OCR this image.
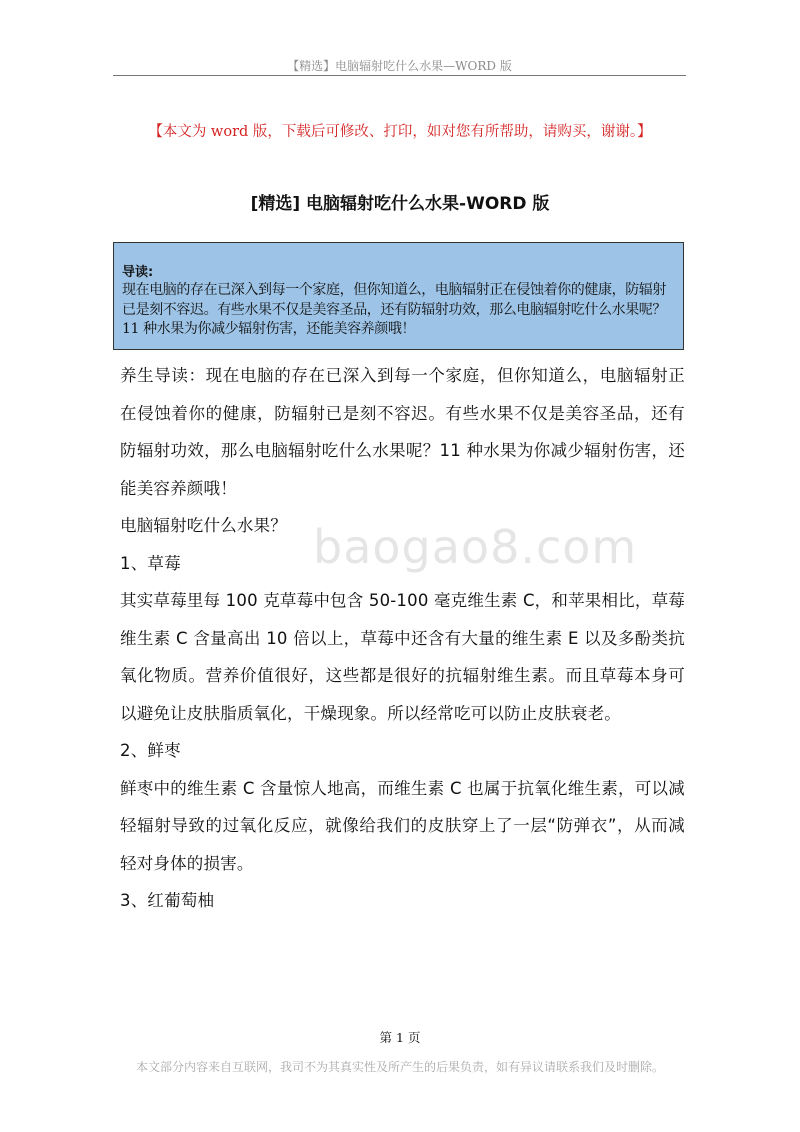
【精选】电脑辐射吃什么水果—WORD 版
【本文为 word 版，下载后可修改、打印，如对您有所帮助，请购买，谢谢。】
[精选] 电脑辐射吃什么水果-WORD 版
导读:
现在电脑的存在已深入到每一个家庭，但你知道么，电脑辐射正在侵蚀着你的健康，防辐射已是刻不容迟。有些水果不仅是美容圣品，还有防辐射功效，那么电脑辐射吃什么水果呢？11 种水果为你减少辐射伤害，还能美容养颜哦！
baogao8.com

养生导读：现在电脑的存在已深入到每一个家庭，但你知道么，电脑辐射正在侵蚀着你的健康，防辐射已是刻不容迟。有些水果不仅是美容圣品，还有防辐射功效，那么电脑辐射吃什么水果呢？11 种水果为你减少辐射伤害，还能美容养颜哦！

电脑辐射吃什么水果？

1、草莓

其实草莓里每 100 克草莓中包含 50-100 毫克维生素 C，和苹果相比，草莓维生素 C 含量高出 10 倍以上，草莓中还含有大量的维生素 E 以及多酚类抗氧化物质。营养价值很好，这些都是很好的抗辐射维生素。而且草莓本身可以避免让皮肤脂质氧化，干燥现象。所以经常吃可以防止皮肤衰老。

2、鲜枣

鲜枣中的维生素 C 含量惊人地高，而维生素 C 也属于抗氧化维生素，可以减轻辐射导致的过氧化反应，就像给我们的皮肤穿上了一层“防弹衣”，从而减轻对身体的损害。

3、红葡萄柚

第 1 页
本文部分内容来自互联网，我司不为其真实性及所产生的后果负责，如有异议请联系我们及时删除。
